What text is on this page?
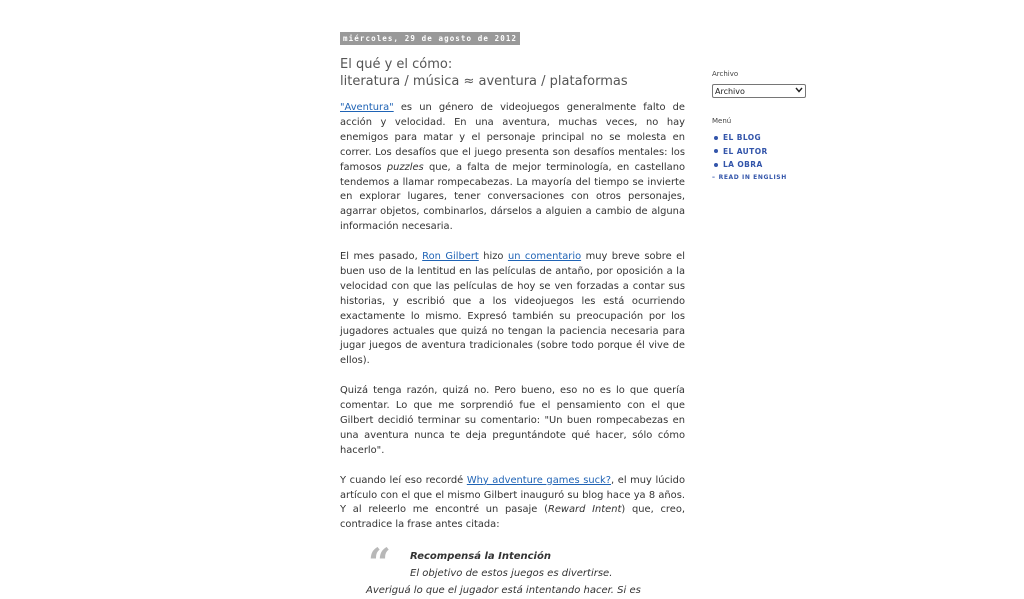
miércoles, 29 de agosto de 2012
El qué y el cómo:
literatura / música ≈ aventura / plataformas

"Aventura" es un género de videojuegos generalmente falto de acción y velocidad. En una aventura, muchas veces, no hay enemigos para matar y el personaje principal no se molesta en correr. Los desafíos que el juego presenta son desafíos mentales: los famosos puzzles que, a falta de mejor terminología, en castellano tendemos a llamar rompecabezas. La mayoría del tiempo se invierte en explorar lugares, tener conversaciones con otros personajes, agarrar objetos, combinarlos, dárselos a alguien a cambio de alguna información necesaria.

El mes pasado, Ron Gilbert hizo un comentario muy breve sobre el buen uso de la lentitud en las películas de antaño, por oposición a la velocidad con que las películas de hoy se ven forzadas a contar sus historias, y escribió que a los videojuegos les está ocurriendo exactamente lo mismo. Expresó también su preocupación por los jugadores actuales que quizá no tengan la paciencia necesaria para jugar juegos de aventura tradicionales (sobre todo porque él vive de ellos).

Quizá tenga razón, quizá no. Pero bueno, eso no es lo que quería comentar. Lo que me sorprendió fue el pensamiento con el que Gilbert decidió terminar su comentario: "Un buen rompecabezas en una aventura nunca te deja preguntándote qué hacer, sólo cómo hacerlo".

Y cuando leí eso recordé Why adventure games suck?, el muy lúcido artículo con el que el mismo Gilbert inauguró su blog hace ya 8 años. Y al releerlo me encontré un pasaje (Reward Intent) que, creo, contradice la frase antes citada:

“	Recompensá la Intención
El objetivo de estos juegos es divertirse.
Averiguá lo que el jugador está intentando hacer. Si es
Archivo
Archivo
Menú
EL BLOG
EL AUTOR
LA OBRA
– READ IN ENGLISH
